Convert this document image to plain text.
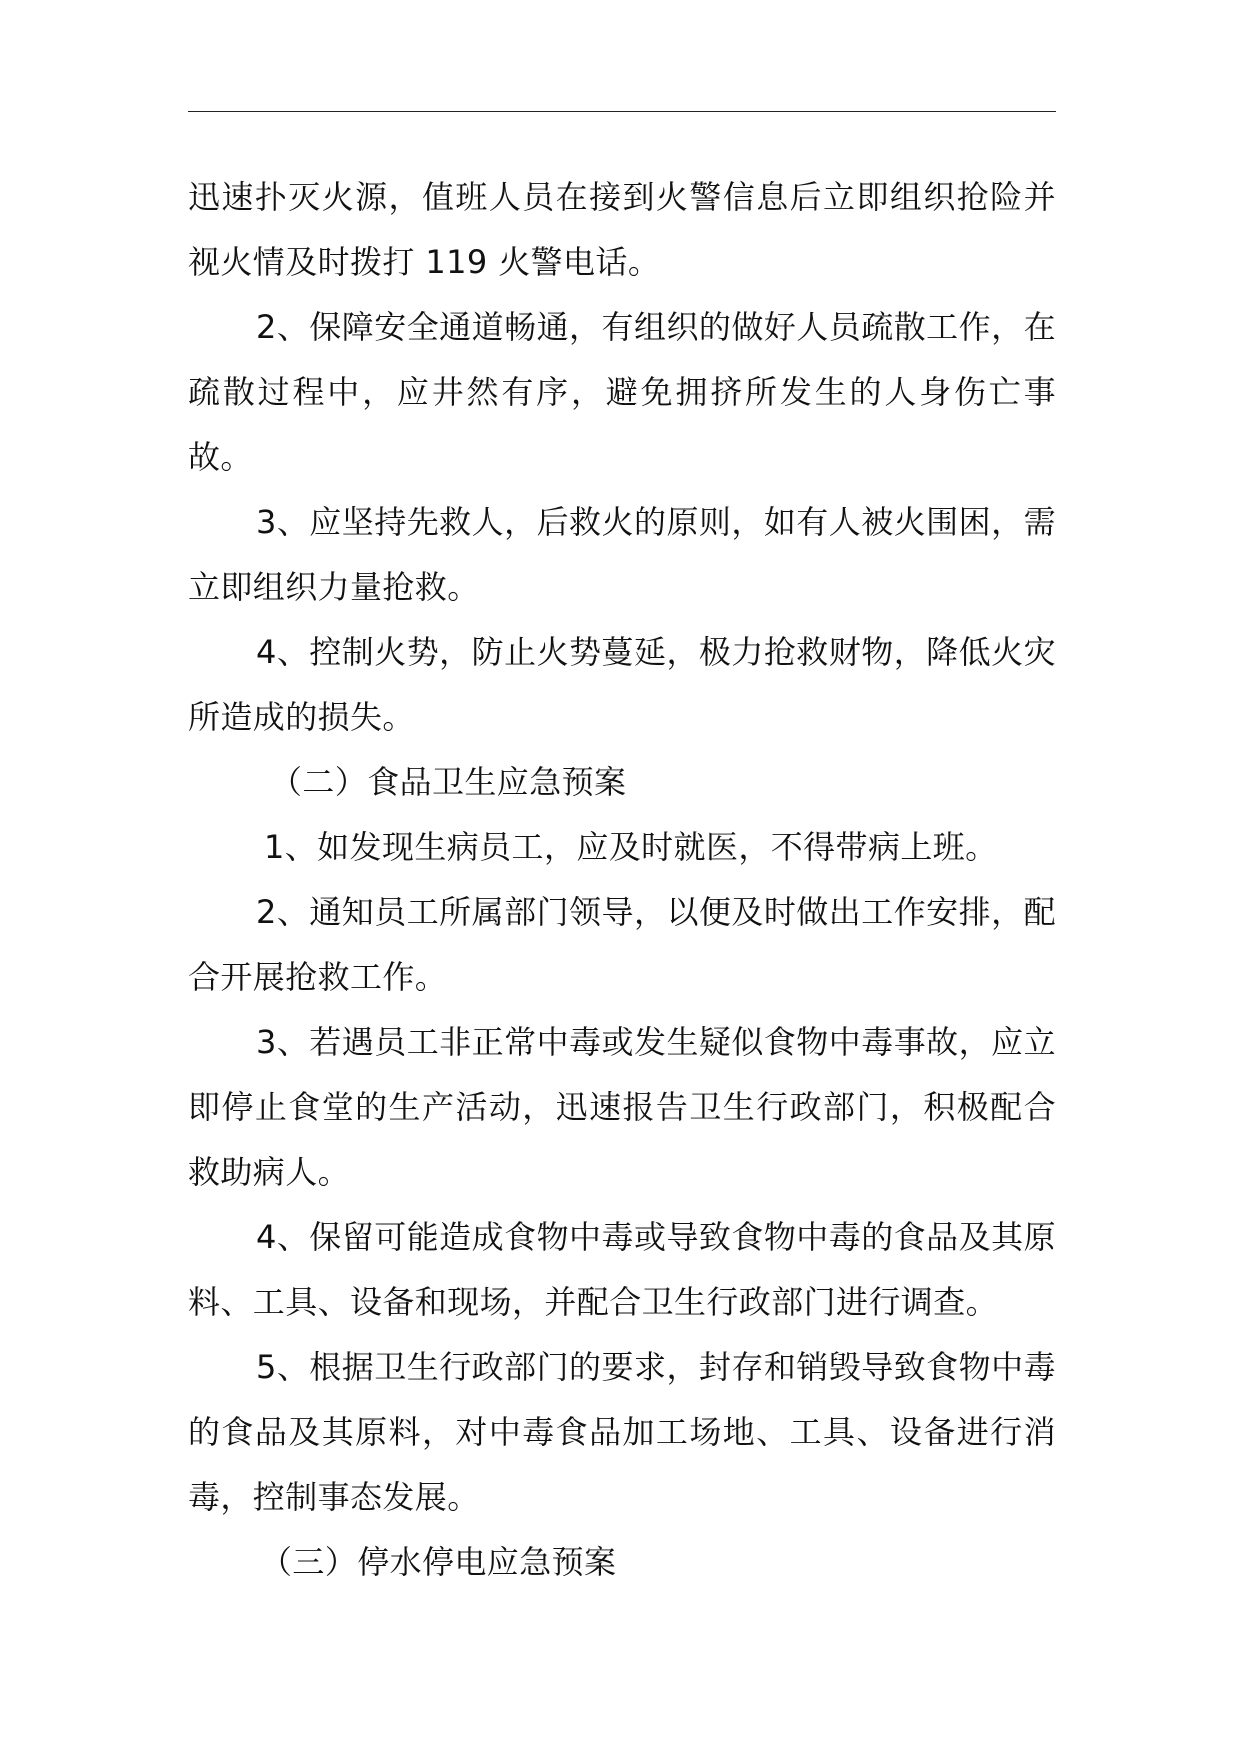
迅速扑灭火源，值班人员在接到火警信息后立即组织抢险并视火情及时拨打 119 火警电话。

2、保障安全通道畅通，有组织的做好人员疏散工作，在疏散过程中，应井然有序，避免拥挤所发生的人身伤亡事故。

3、应坚持先救人，后救火的原则，如有人被火围困，需立即组织力量抢救。

4、控制火势，防止火势蔓延，极力抢救财物，降低火灾所造成的损失。

（二）食品卫生应急预案

1、如发现生病员工，应及时就医，不得带病上班。

2、通知员工所属部门领导，以便及时做出工作安排，配合开展抢救工作。

3、若遇员工非正常中毒或发生疑似食物中毒事故，应立即停止食堂的生产活动，迅速报告卫生行政部门，积极配合救助病人。

4、保留可能造成食物中毒或导致食物中毒的食品及其原料、工具、设备和现场，并配合卫生行政部门进行调查。

5、根据卫生行政部门的要求，封存和销毁导致食物中毒的食品及其原料，对中毒食品加工场地、工具、设备进行消毒，控制事态发展。

（三）停水停电应急预案
